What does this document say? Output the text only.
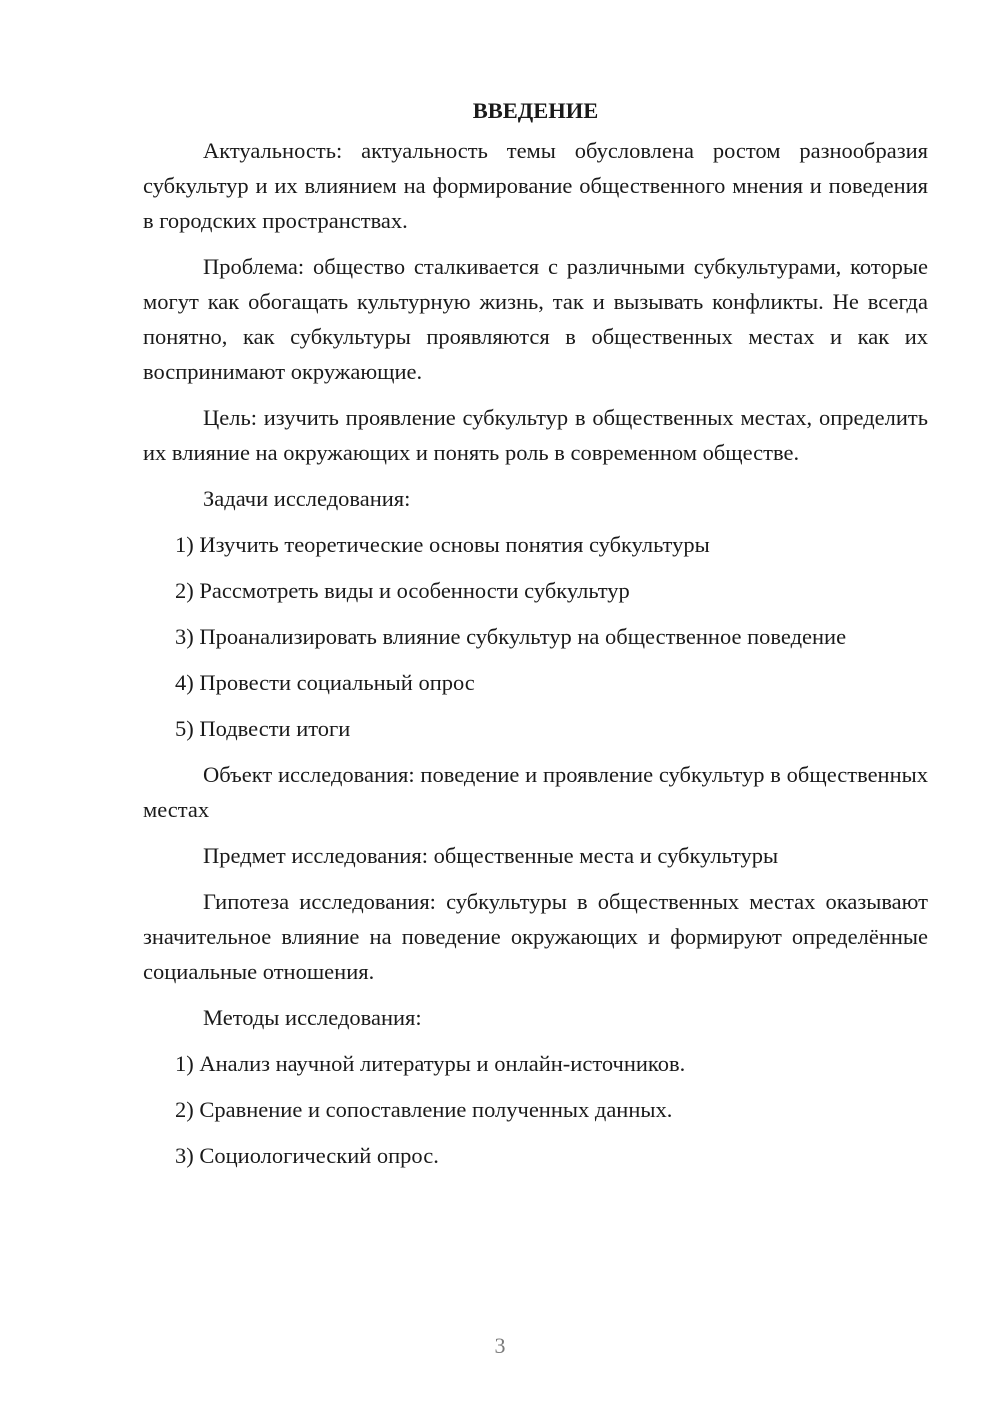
ВВЕДЕНИЕ

Актуальность: актуальность темы обусловлена ростом разнообразия субкультур и их влиянием на формирование общественного мнения и поведения в городских пространствах.

Проблема: общество сталкивается с различными субкультурами, которые могут как обогащать культурную жизнь, так и вызывать конфликты. Не всегда понятно, как субкультуры проявляются в общественных местах и как их воспринимают окружающие.

Цель: изучить проявление субкультур в общественных местах, определить их влияние на окружающих и понять роль в современном обществе.

Задачи исследования:

1) Изучить теоретические основы понятия субкультуры
2) Рассмотреть виды и особенности субкультур
3) Проанализировать влияние субкультур на общественное поведение
4) Провести социальный опрос
5) Подвести итоги

Объект исследования: поведение и проявление субкультур в общественных местах

Предмет исследования: общественные места и субкультуры

Гипотеза исследования: субкультуры в общественных местах оказывают значительное влияние на поведение окружающих и формируют определённые социальные отношения.

Методы исследования:

1) Анализ научной литературы и онлайн-источников.
2) Сравнение и сопоставление полученных данных.
3) Социологический опрос.
3
